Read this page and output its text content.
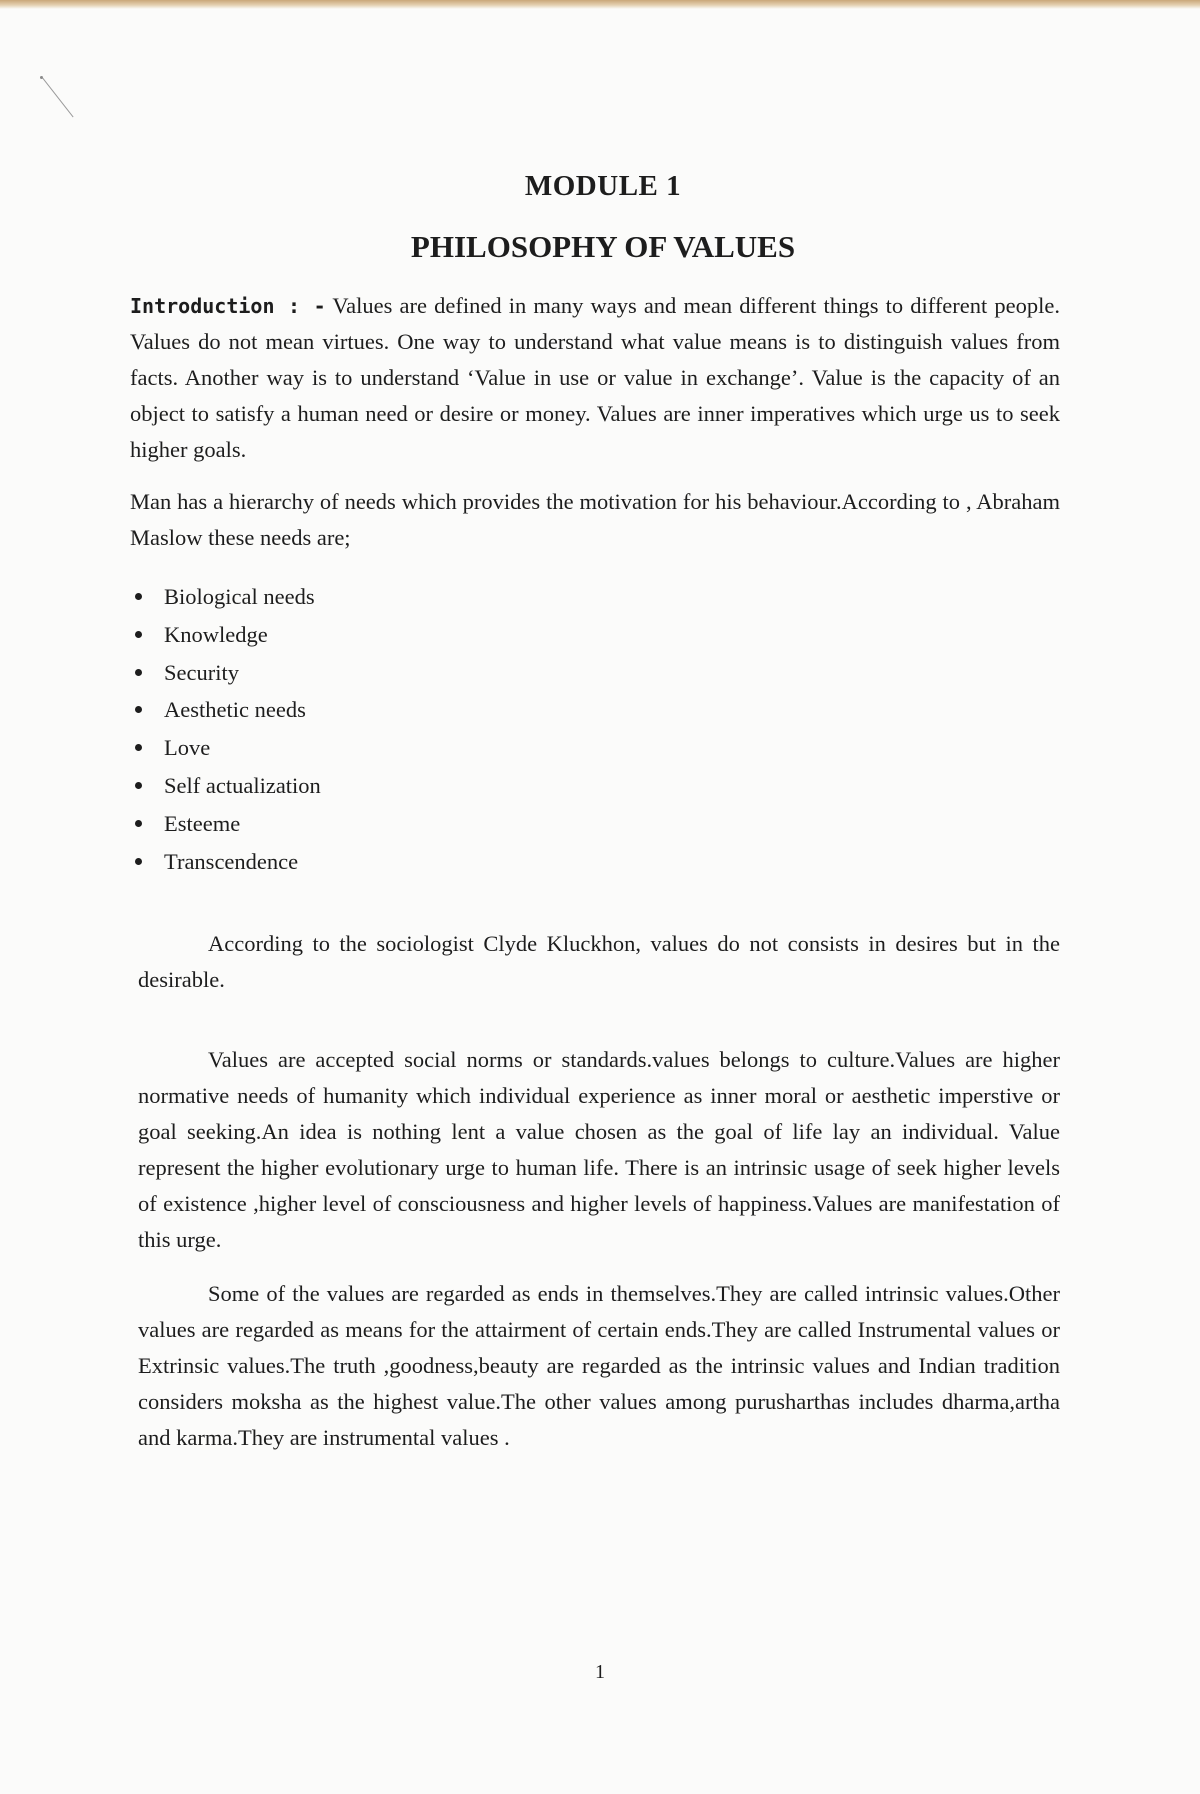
MODULE 1
PHILOSOPHY OF VALUES

Introduction : - Values are defined in many ways and mean different things to different people. Values do not mean virtues. One way to understand what value means is to distinguish values from facts. Another way is to understand ‘Value in use or value in exchange’. Value is the capacity of an object to satisfy a human need or desire or money. Values are inner imperatives which urge us to seek higher goals.

Man has a hierarchy of needs which provides the motivation for his behaviour.According to , Abraham Maslow these needs are;

Biological needs
Knowledge
Security
Aesthetic needs
Love
Self actualization
Esteeme
Transcendence

According to the sociologist Clyde Kluckhon, values do not consists in desires but in the desirable.

Values are accepted social norms or standards.values belongs to culture.Values are higher normative needs of humanity which individual experience as inner moral or aesthetic imperstive or goal seeking.An idea is nothing lent a value chosen as the goal of life lay an individual. Value represent the higher evolutionary urge to human life. There is an intrinsic usage of seek higher levels of existence ,higher level of consciousness and higher levels of happiness.Values are manifestation of this urge.

Some of the values are regarded as ends in themselves.They are called intrinsic values.Other values are regarded as means for the attairment of certain ends.They are called Instrumental values or Extrinsic values.The truth ,goodness,beauty are regarded as the intrinsic values and Indian tradition considers moksha as the highest value.The other values among purusharthas includes dharma,artha and karma.They are instrumental values .

1
